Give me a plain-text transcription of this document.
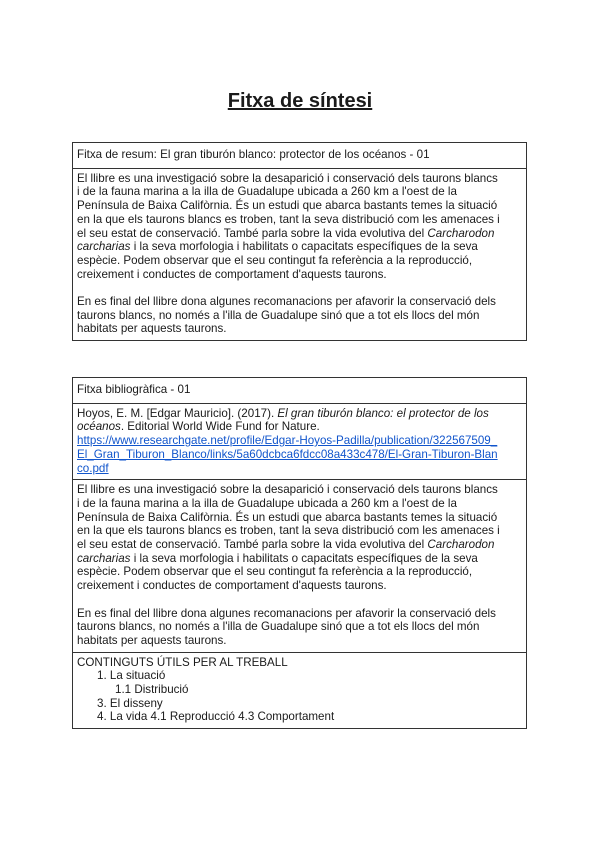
Fitxa de síntesi
Fitxa de resum: El gran tiburón blanco: protector de los océanos - 01
El llibre es una investigació sobre la desaparició i conservació dels taurons blancs
i de la fauna marina a la illa de Guadalupe ubicada a 260 km a l'oest de la
Península de Baixa Califòrnia. És un estudi que abarca bastants temes la situació
en la que els taurons blancs es troben, tant la seva distribució com les amenaces i
el seu estat de conservació. També parla sobre la vida evolutiva del Carcharodon
carcharias i la seva morfologia i habilitats o capacitats específiques de la seva
espècie. Podem observar que el seu contingut fa referència a la reproducció,
creixement i conductes de comportament d'aquests taurons.
En es final del llibre dona algunes recomanacions per afavorir la conservació dels
taurons blancs, no només a l'illa de Guadalupe sinó que a tot els llocs del món
habitats per aquests taurons.
Fitxa bibliogràfica - 01
Hoyos, E. M. [Edgar Mauricio]. (2017). El gran tiburón blanco: el protector de los
océanos. Editorial World Wide Fund for Nature.
https://www.researchgate.net/profile/Edgar-Hoyos-Padilla/publication/322567509_
El_Gran_Tiburon_Blanco/links/5a60dcbca6fdcc08a433c478/El-Gran-Tiburon-Blan
co.pdf
El llibre es una investigació sobre la desaparició i conservació dels taurons blancs
i de la fauna marina a la illa de Guadalupe ubicada a 260 km a l'oest de la
Península de Baixa Califòrnia. És un estudi que abarca bastants temes la situació
en la que els taurons blancs es troben, tant la seva distribució com les amenaces i
el seu estat de conservació. També parla sobre la vida evolutiva del Carcharodon
carcharias i la seva morfologia i habilitats o capacitats específiques de la seva
espècie. Podem observar que el seu contingut fa referència a la reproducció,
creixement i conductes de comportament d'aquests taurons.
En es final del llibre dona algunes recomanacions per afavorir la conservació dels
taurons blancs, no només a l'illa de Guadalupe sinó que a tot els llocs del món
habitats per aquests taurons.
CONTINGUTS ÚTILS PER AL TREBALL
1. La situació
1.1 Distribució
3. El disseny
4. La vida 4.1 Reproducció 4.3 Comportament
